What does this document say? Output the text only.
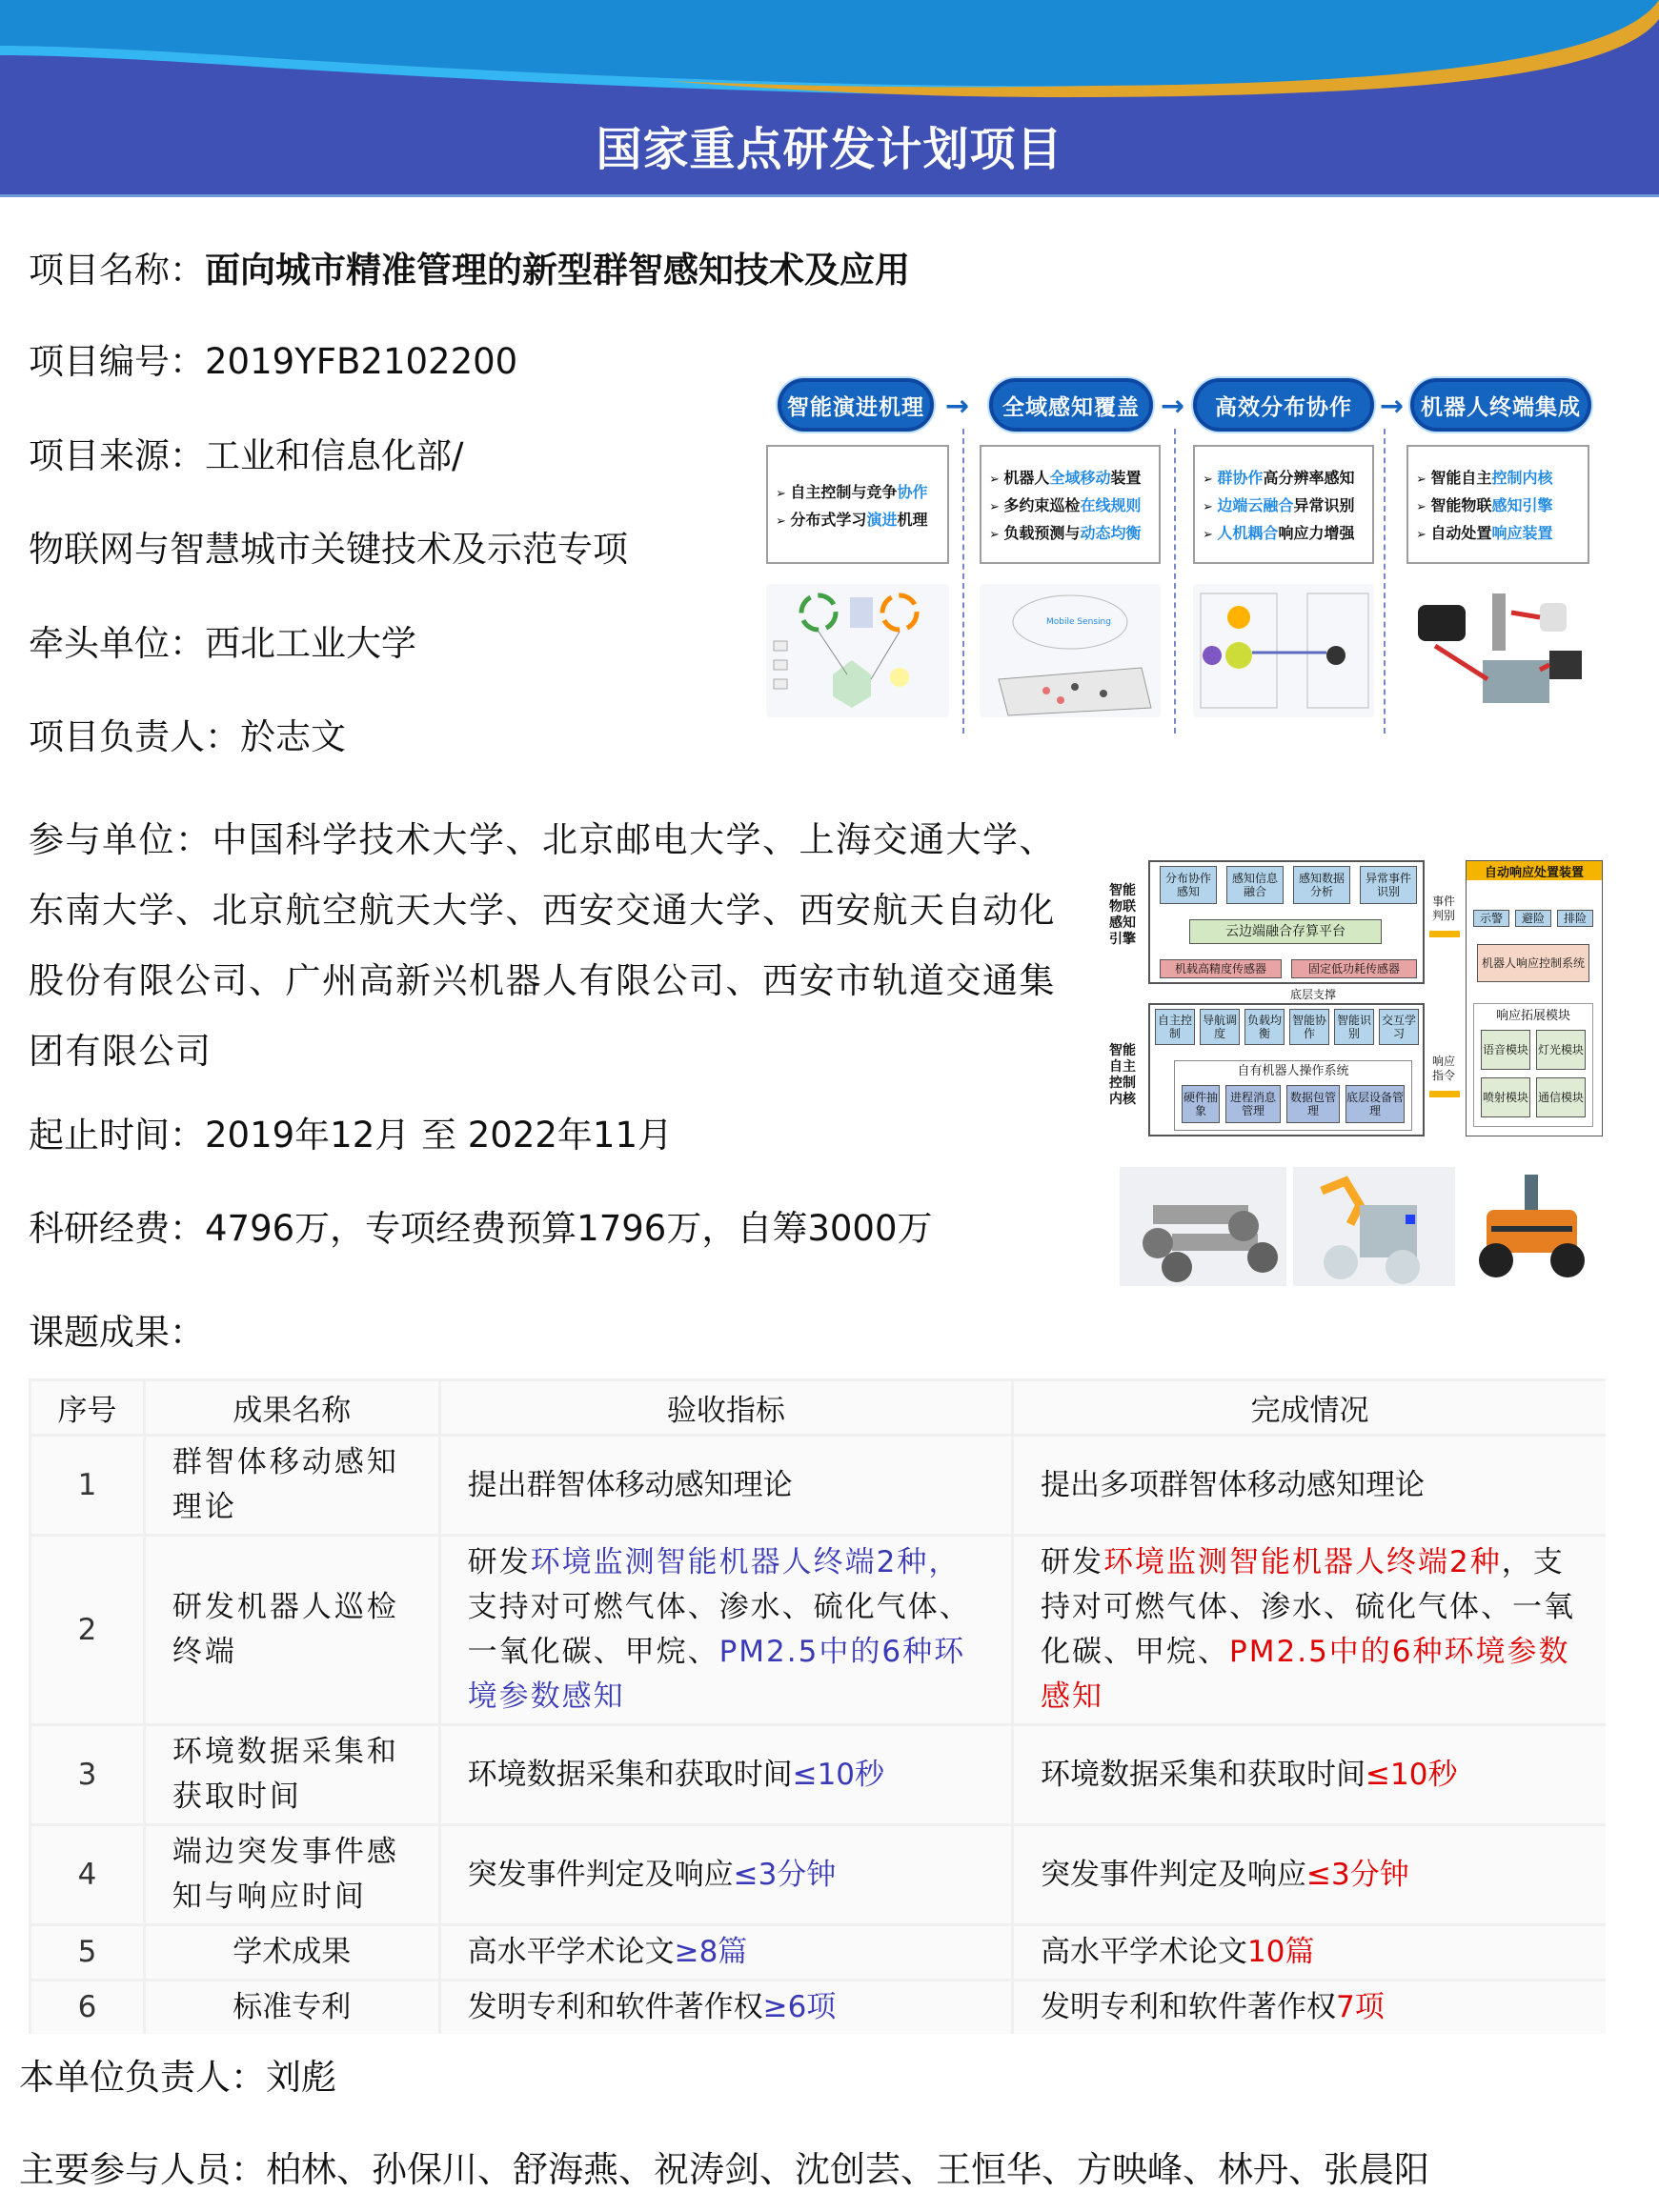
国家重点研发计划项目
项目名称：面向城市精准管理的新型群智感知技术及应用
项目编号：2019YFB2102200
项目来源：工业和信息化部/
物联网与智慧城市关键技术及示范专项
牵头单位：西北工业大学
项目负责人：於志文
参与单位：中国科学技术大学、北京邮电大学、上海交通大学、东南大学、北京航空航天大学、西安交通大学、西安航天自动化股份有限公司、广州高新兴机器人有限公司、西安市轨道交通集团有限公司
起止时间：2019年12月 至 2022年11月
科研经费：4796万，专项经费预算1796万，自筹3000万
课题成果：
智能演进机理 →	全域感知覆盖 →	高效分布协作 → 机器人终端集成
➢ 自主控制与竞争协作
➢ 分布式学习演进机理
➢ 机器人全域移动装置
➢ 多约束巡检在线规则
➢ 负载预测与动态均衡
➢ 群协作高分辨率感知
➢ 边端云融合异常识别
➢ 人机耦合响应力增强
➢ 智能自主控制内核
➢ 智能物联感知引擎
➢ 自动处置响应装置
Mobile Sensing
智能物联感知引擎
分布协作感知
感知信息融合
感知数据分析
异常事件识别
云边端融合存算平台
机载高精度传感器	固定低功耗传感器
底层支撑
智能自主控制内核
自主控制
导航调度
负载均衡
智能协作
智能识别
交互学习
自有机器人操作系统
硬件抽象
进程消息管理
数据包管理
底层设备管理
事件判别
响应指令
自动响应处置装置
示警	避险	排险
机器人响应控制系统
响应拓展模块
语音模块 灯光模块
喷射模块 通信模块
序号	成果名称	验收指标	完成情况
1	群智体移动感知理论	提出群智体移动感知理论	提出多项群智体移动感知理论
2	研发机器人巡检终端	研发环境监测智能机器人终端2种，支持对可燃气体、渗水、硫化气体、一氧化碳、甲烷、PM2.5中的6种环境参数感知	研发环境监测智能机器人终端2种，支持对可燃气体、渗水、硫化气体、一氧化碳、甲烷、PM2.5中的6种环境参数感知
3	环境数据采集和获取时间	环境数据采集和获取时间≤10秒	环境数据采集和获取时间≤10秒
4	端边突发事件感知与响应时间	突发事件判定及响应≤3分钟	突发事件判定及响应≤3分钟
5	学术成果	高水平学术论文≥8篇	高水平学术论文10篇
6	标准专利	发明专利和软件著作权≥6项	发明专利和软件著作权7项
本单位负责人：刘彪
主要参与人员：柏林、孙保川、舒海燕、祝涛剑、沈创芸、王恒华、方映峰、林丹、张晨阳
